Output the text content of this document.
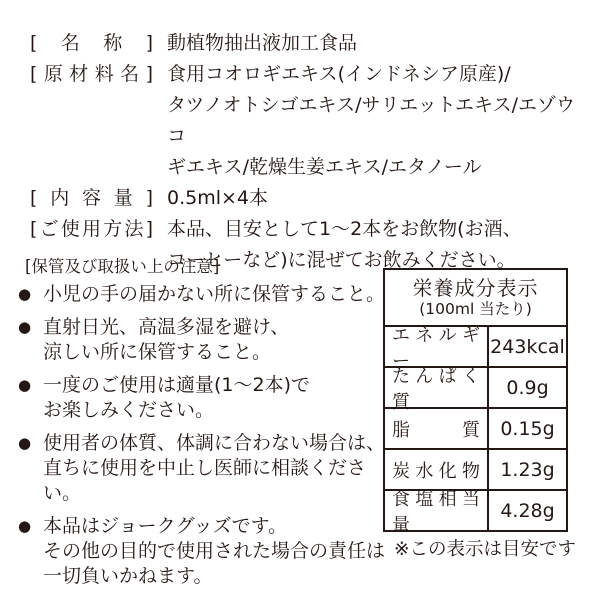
[名称] 動植物抽出液加工食品
[原材料名] 食用コオロギエキス(インドネシア原産)/
タツノオトシゴエキス/サリエットエキス/エゾウコ
ギエキス/乾燥生姜エキス/エタノール
[内容量] 0.5ml×4本
[ご使用方法] 本品、目安として1〜2本をお飲物(お酒、
コーヒーなど)に混ぜてお飲みください。
[保管及び取扱い上の注意]
● 小児の手の届かない所に保管すること。
● 直射日光、高温多湿を避け、
涼しい所に保管すること。
● 一度のご使用は適量(1〜2本)で
お楽しみください。
● 使用者の体質、体調に合わない場合は、
直ちに使用を中止し医師に相談ください。
● 本品はジョークグッズです。
その他の目的で使用された場合の責任は
一切負いかねます。
栄養成分表示
(100ml 当たり)
エネルギー
243kcal
たんぱく質
0.9g
脂質	0.15g
炭水化物	1.23g
食塩相当量
4.28g
※この表示は目安です
